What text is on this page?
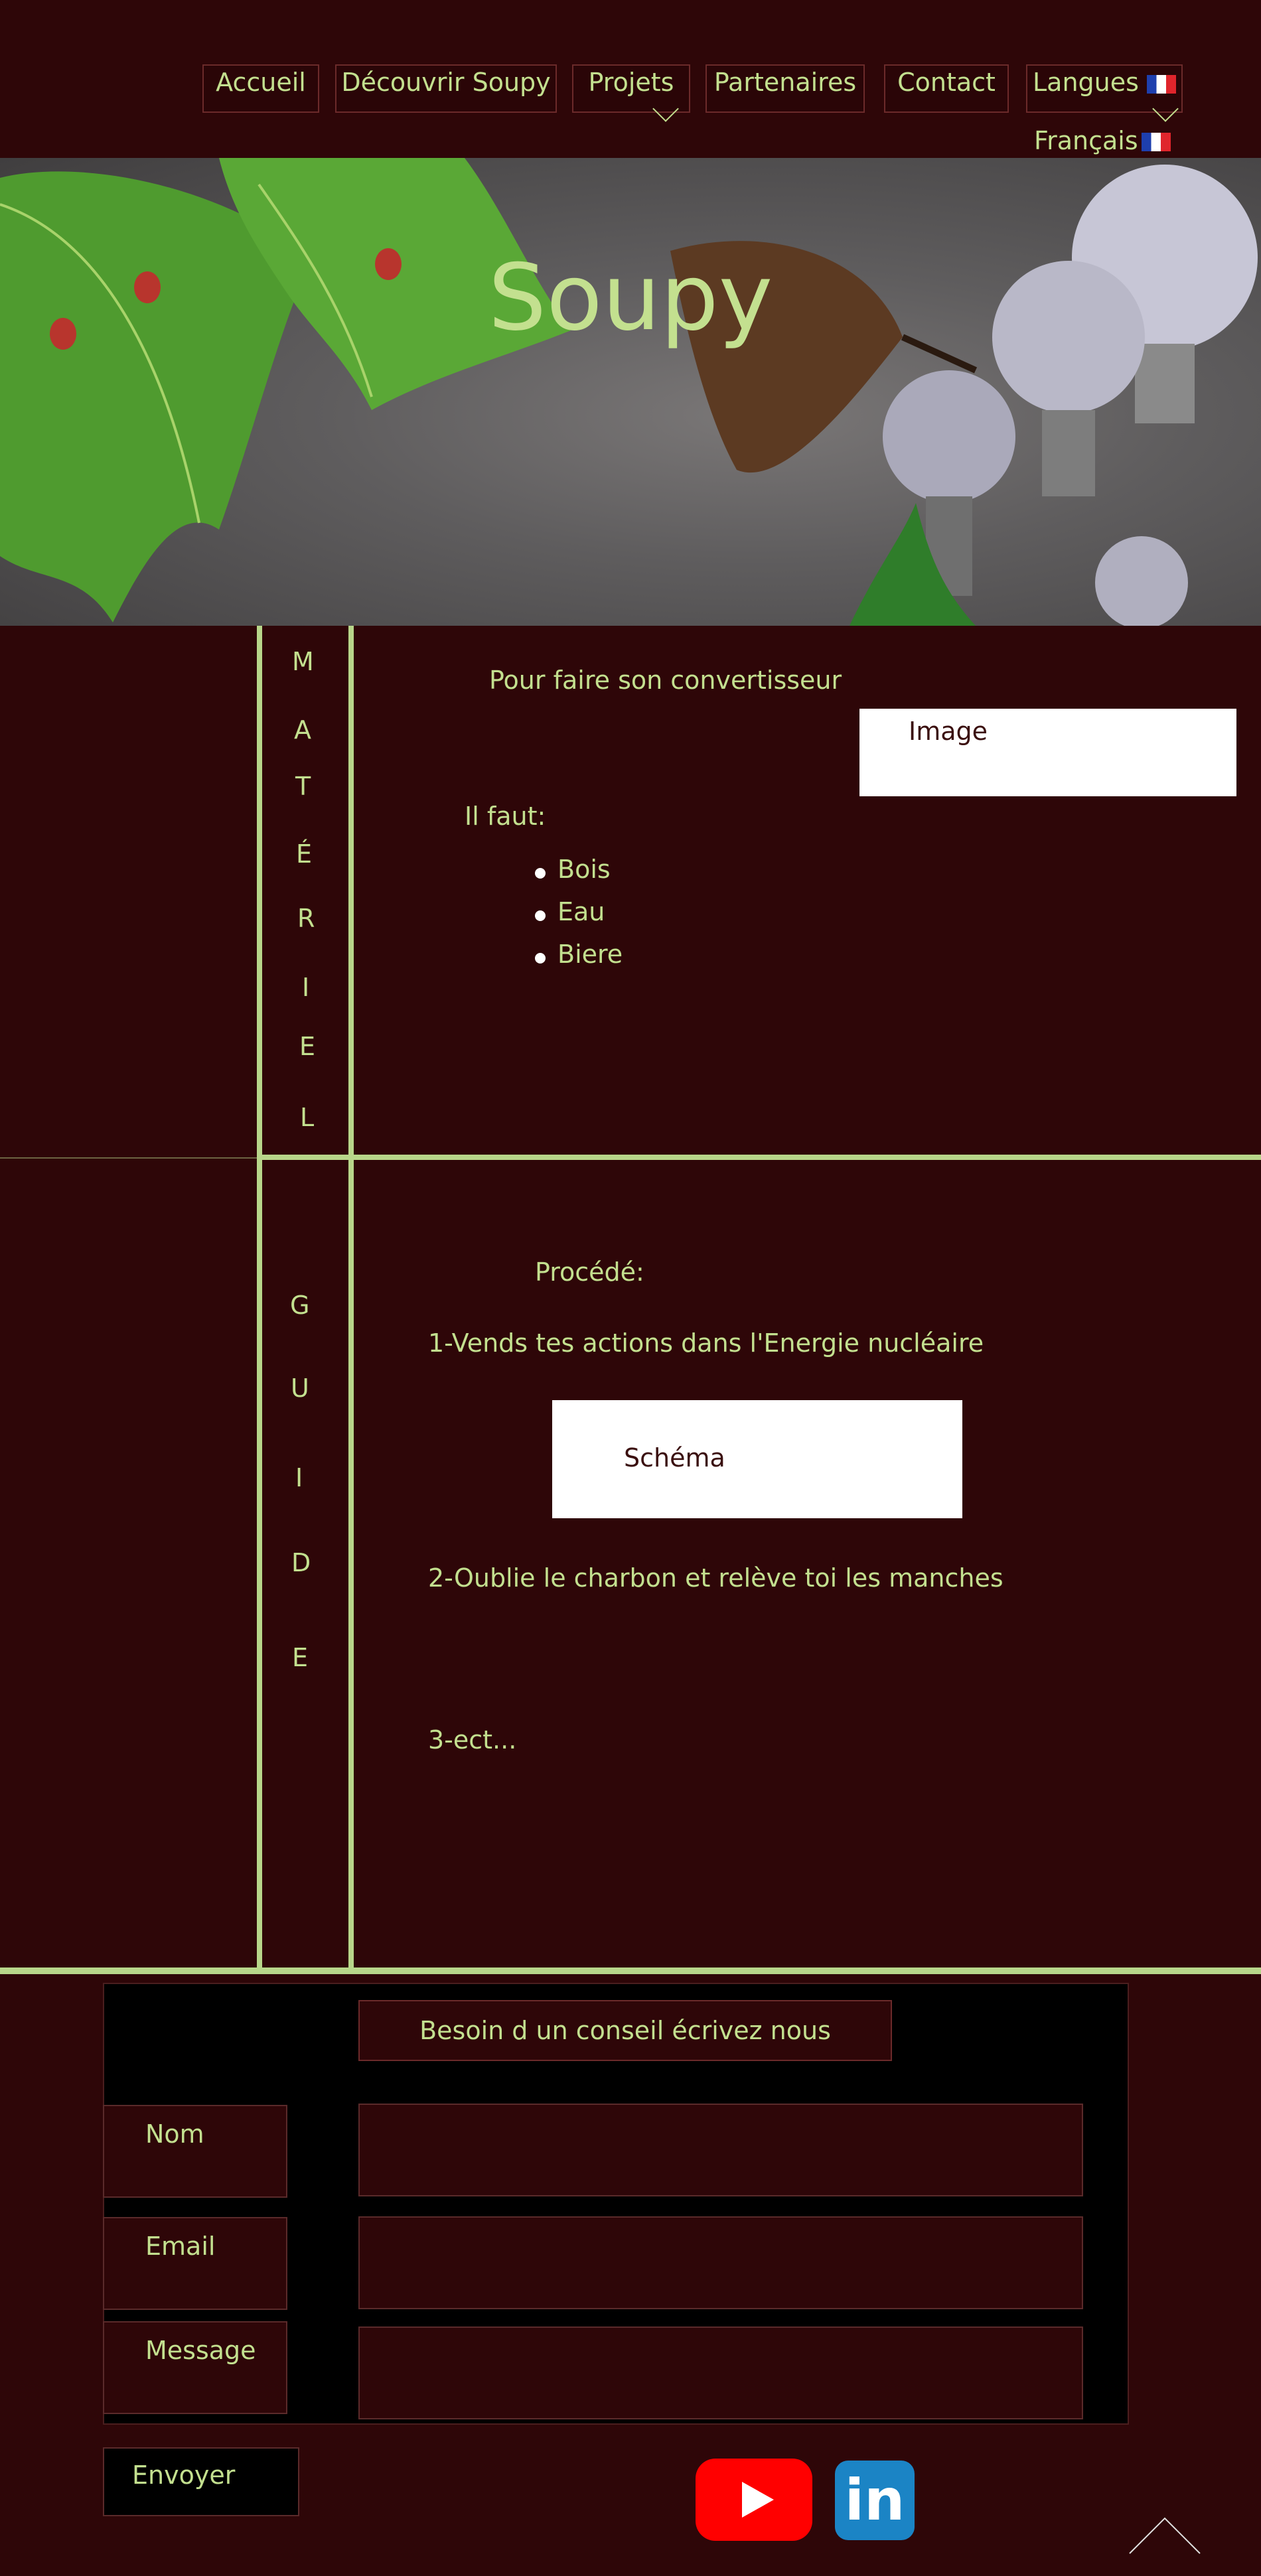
Accueil	Découvrir Soupy	Projets	Partenaires	Contact	Langues
Français
Soupy
M
A
T
É
R
I
E
L
Pour faire son convertisseur
Image
Il faut:
Bois
Eau
Biere
G
U
I
D
E
Procédé:
1-Vends tes actions dans l'Energie nucléaire
Schéma
2-Oublie le charbon et relève toi les manches
3-ect...
Besoin d un conseil écrivez nous
Nom
Email
Message
Envoyer	in
